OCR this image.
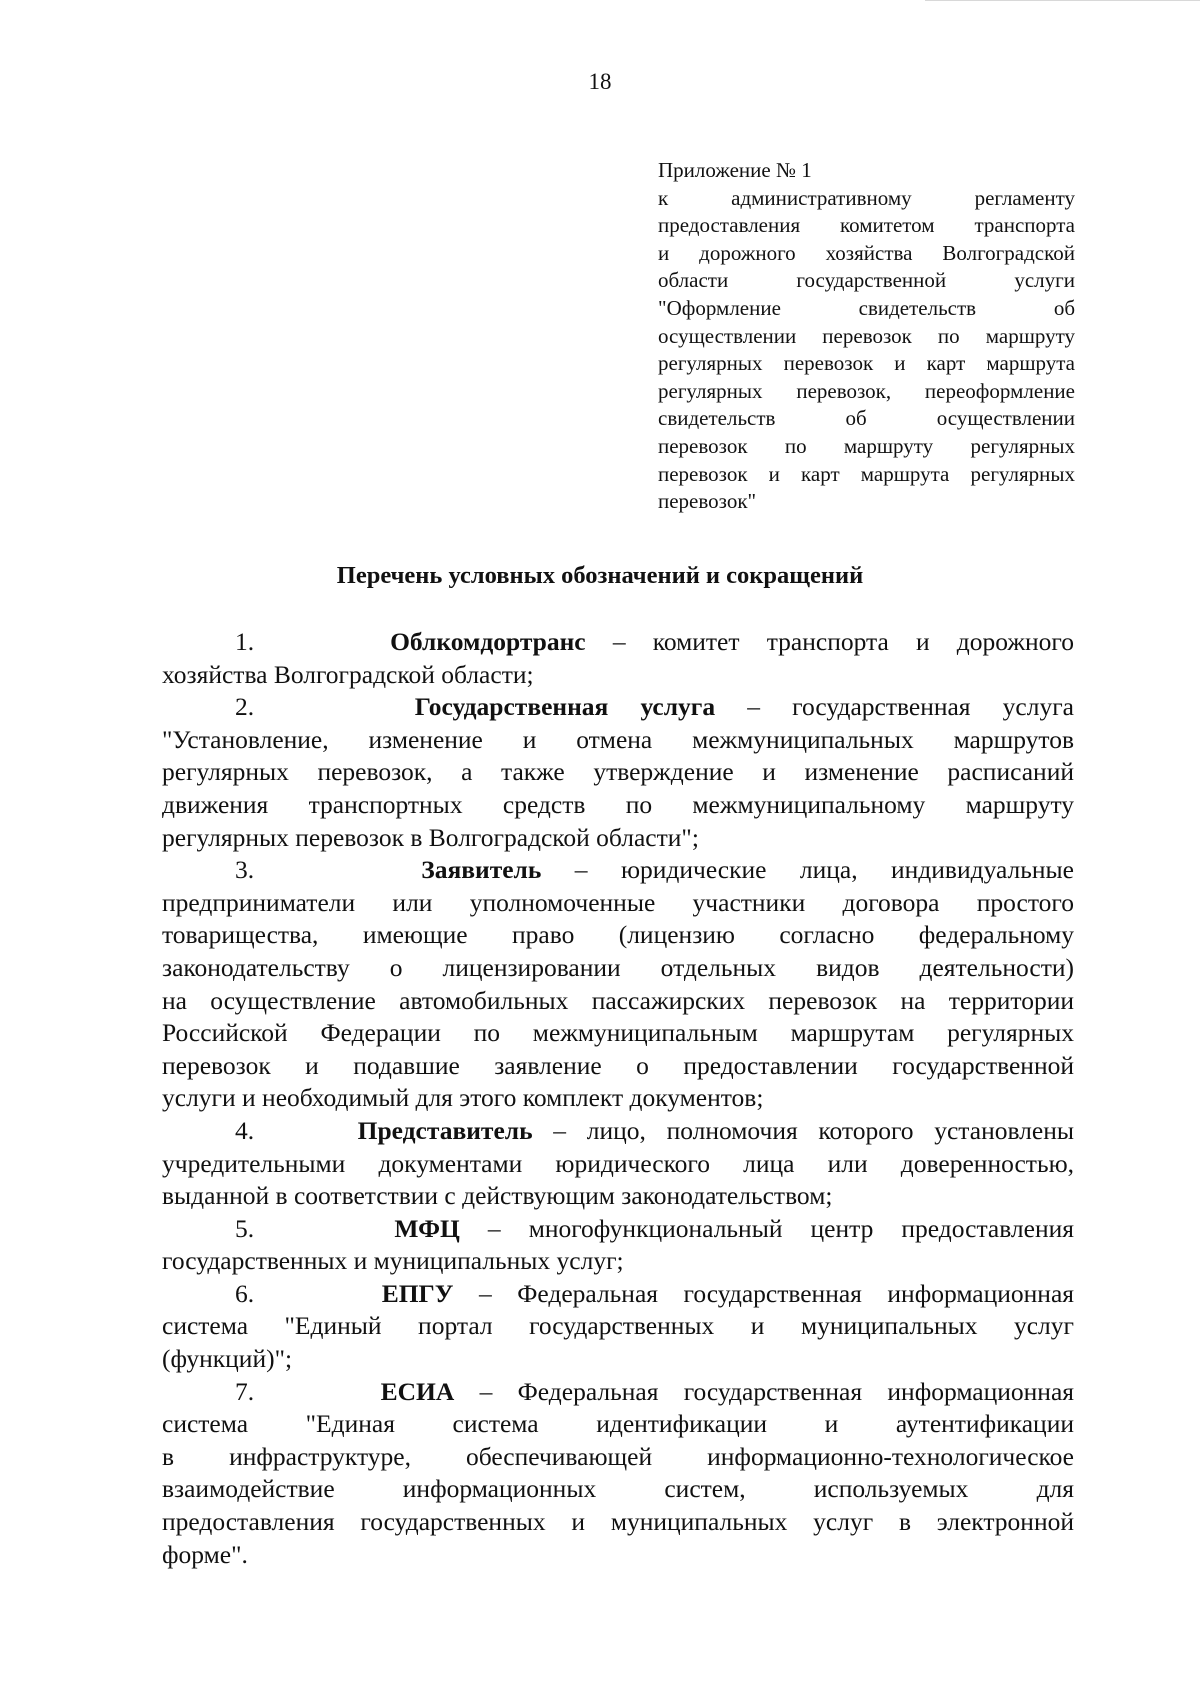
18
Приложение № 1
к административному регламенту
предоставления комитетом транспорта
и дорожного хозяйства Волгоградской
области государственной услуги
"Оформление свидетельств об
осуществлении перевозок по маршруту
регулярных перевозок и карт маршрута
регулярных перевозок, переоформление
свидетельств об осуществлении
перевозок по маршруту регулярных
перевозок и карт маршрута регулярных
перевозок"
Перечень условных обозначений и сокращений
1.	Облкомдортранс – комитет транспорта и дорожного
хозяйства Волгоградской области;
2.	Государственная услуга – государственная услуга
"Установление, изменение и отмена межмуниципальных маршрутов
регулярных перевозок, а также утверждение и изменение расписаний
движения транспортных средств по межмуниципальному маршруту
регулярных перевозок в Волгоградской области";
3.	Заявитель – юридические лица, индивидуальные
предприниматели или уполномоченные участники договора простого
товарищества, имеющие право (лицензию согласно федеральному
законодательству о лицензировании отдельных видов деятельности)
на осуществление автомобильных пассажирских перевозок на территории
Российской Федерации по межмуниципальным маршрутам регулярных
перевозок и подавшие заявление о предоставлении государственной
услуги и необходимый для этого комплект документов;
4.	Представитель – лицо, полномочия которого установлены
учредительными документами юридического лица или доверенностью,
выданной в соответствии с действующим законодательством;
5.	МФЦ – многофункциональный центр предоставления
государственных и муниципальных услуг;
6.	ЕПГУ – Федеральная государственная информационная
система "Единый портал государственных и муниципальных услуг
(функций)";
7.	ЕСИА – Федеральная государственная информационная
система "Единая система идентификации и аутентификации
в инфраструктуре, обеспечивающей информационно-технологическое
взаимодействие информационных систем, используемых для
предоставления государственных и муниципальных услуг в электронной
форме".
